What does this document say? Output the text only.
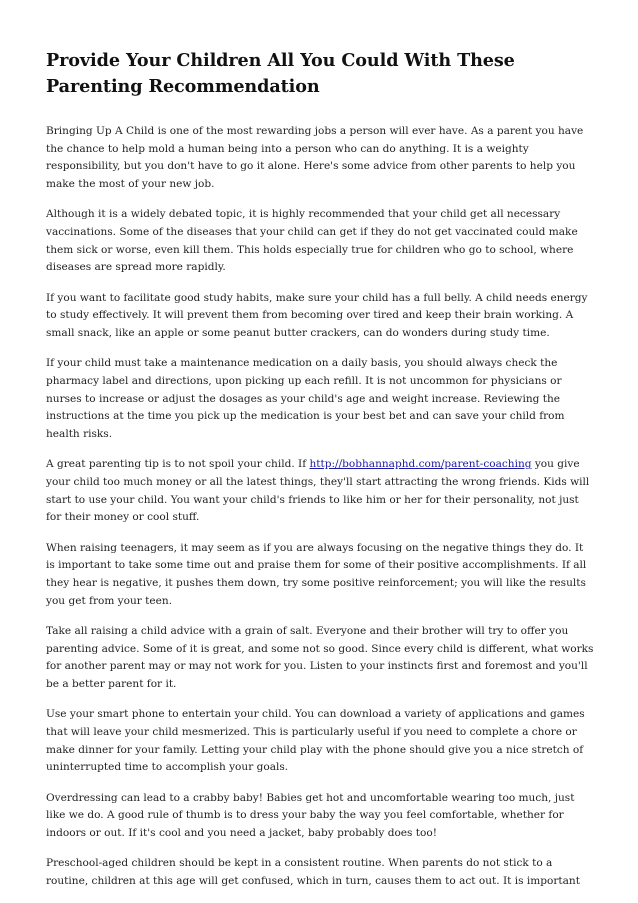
Provide Your Children All You Could With These Parenting Recommendation

Bringing Up A Child is one of the most rewarding jobs a person will ever have. As a parent you have the chance to help mold a human being into a person who can do anything. It is a weighty responsibility, but you don't have to go it alone. Here's some advice from other parents to help you make the most of your new job.

Although it is a widely debated topic, it is highly recommended that your child get all necessary vaccinations. Some of the diseases that your child can get if they do not get vaccinated could make them sick or worse, even kill them. This holds especially true for children who go to school, where diseases are spread more rapidly.

If you want to facilitate good study habits, make sure your child has a full belly. A child needs energy to study effectively. It will prevent them from becoming over tired and keep their brain working. A small snack, like an apple or some peanut butter crackers, can do wonders during study time.

If your child must take a maintenance medication on a daily basis, you should always check the pharmacy label and directions, upon picking up each refill. It is not uncommon for physicians or nurses to increase or adjust the dosages as your child's age and weight increase. Reviewing the instructions at the time you pick up the medication is your best bet and can save your child from health risks.

A great parenting tip is to not spoil your child. If http://bobhannaphd.com/parent-coaching you give your child too much money or all the latest things, they'll start attracting the wrong friends. Kids will start to use your child. You want your child's friends to like him or her for their personality, not just for their money or cool stuff.

When raising teenagers, it may seem as if you are always focusing on the negative things they do. It is important to take some time out and praise them for some of their positive accomplishments. If all they hear is negative, it pushes them down, try some positive reinforcement; you will like the results you get from your teen.

Take all raising a child advice with a grain of salt. Everyone and their brother will try to offer you parenting advice. Some of it is great, and some not so good. Since every child is different, what works for another parent may or may not work for you. Listen to your instincts first and foremost and you'll be a better parent for it.

Use your smart phone to entertain your child. You can download a variety of applications and games that will leave your child mesmerized. This is particularly useful if you need to complete a chore or make dinner for your family. Letting your child play with the phone should give you a nice stretch of uninterrupted time to accomplish your goals.

Overdressing can lead to a crabby baby! Babies get hot and uncomfortable wearing too much, just like we do. A good rule of thumb is to dress your baby the way you feel comfortable, whether for indoors or out. If it's cool and you need a jacket, baby probably does too!

Preschool-aged children should be kept in a consistent routine. When parents do not stick to a routine, children at this age will get confused, which in turn, causes them to act out. It is important
